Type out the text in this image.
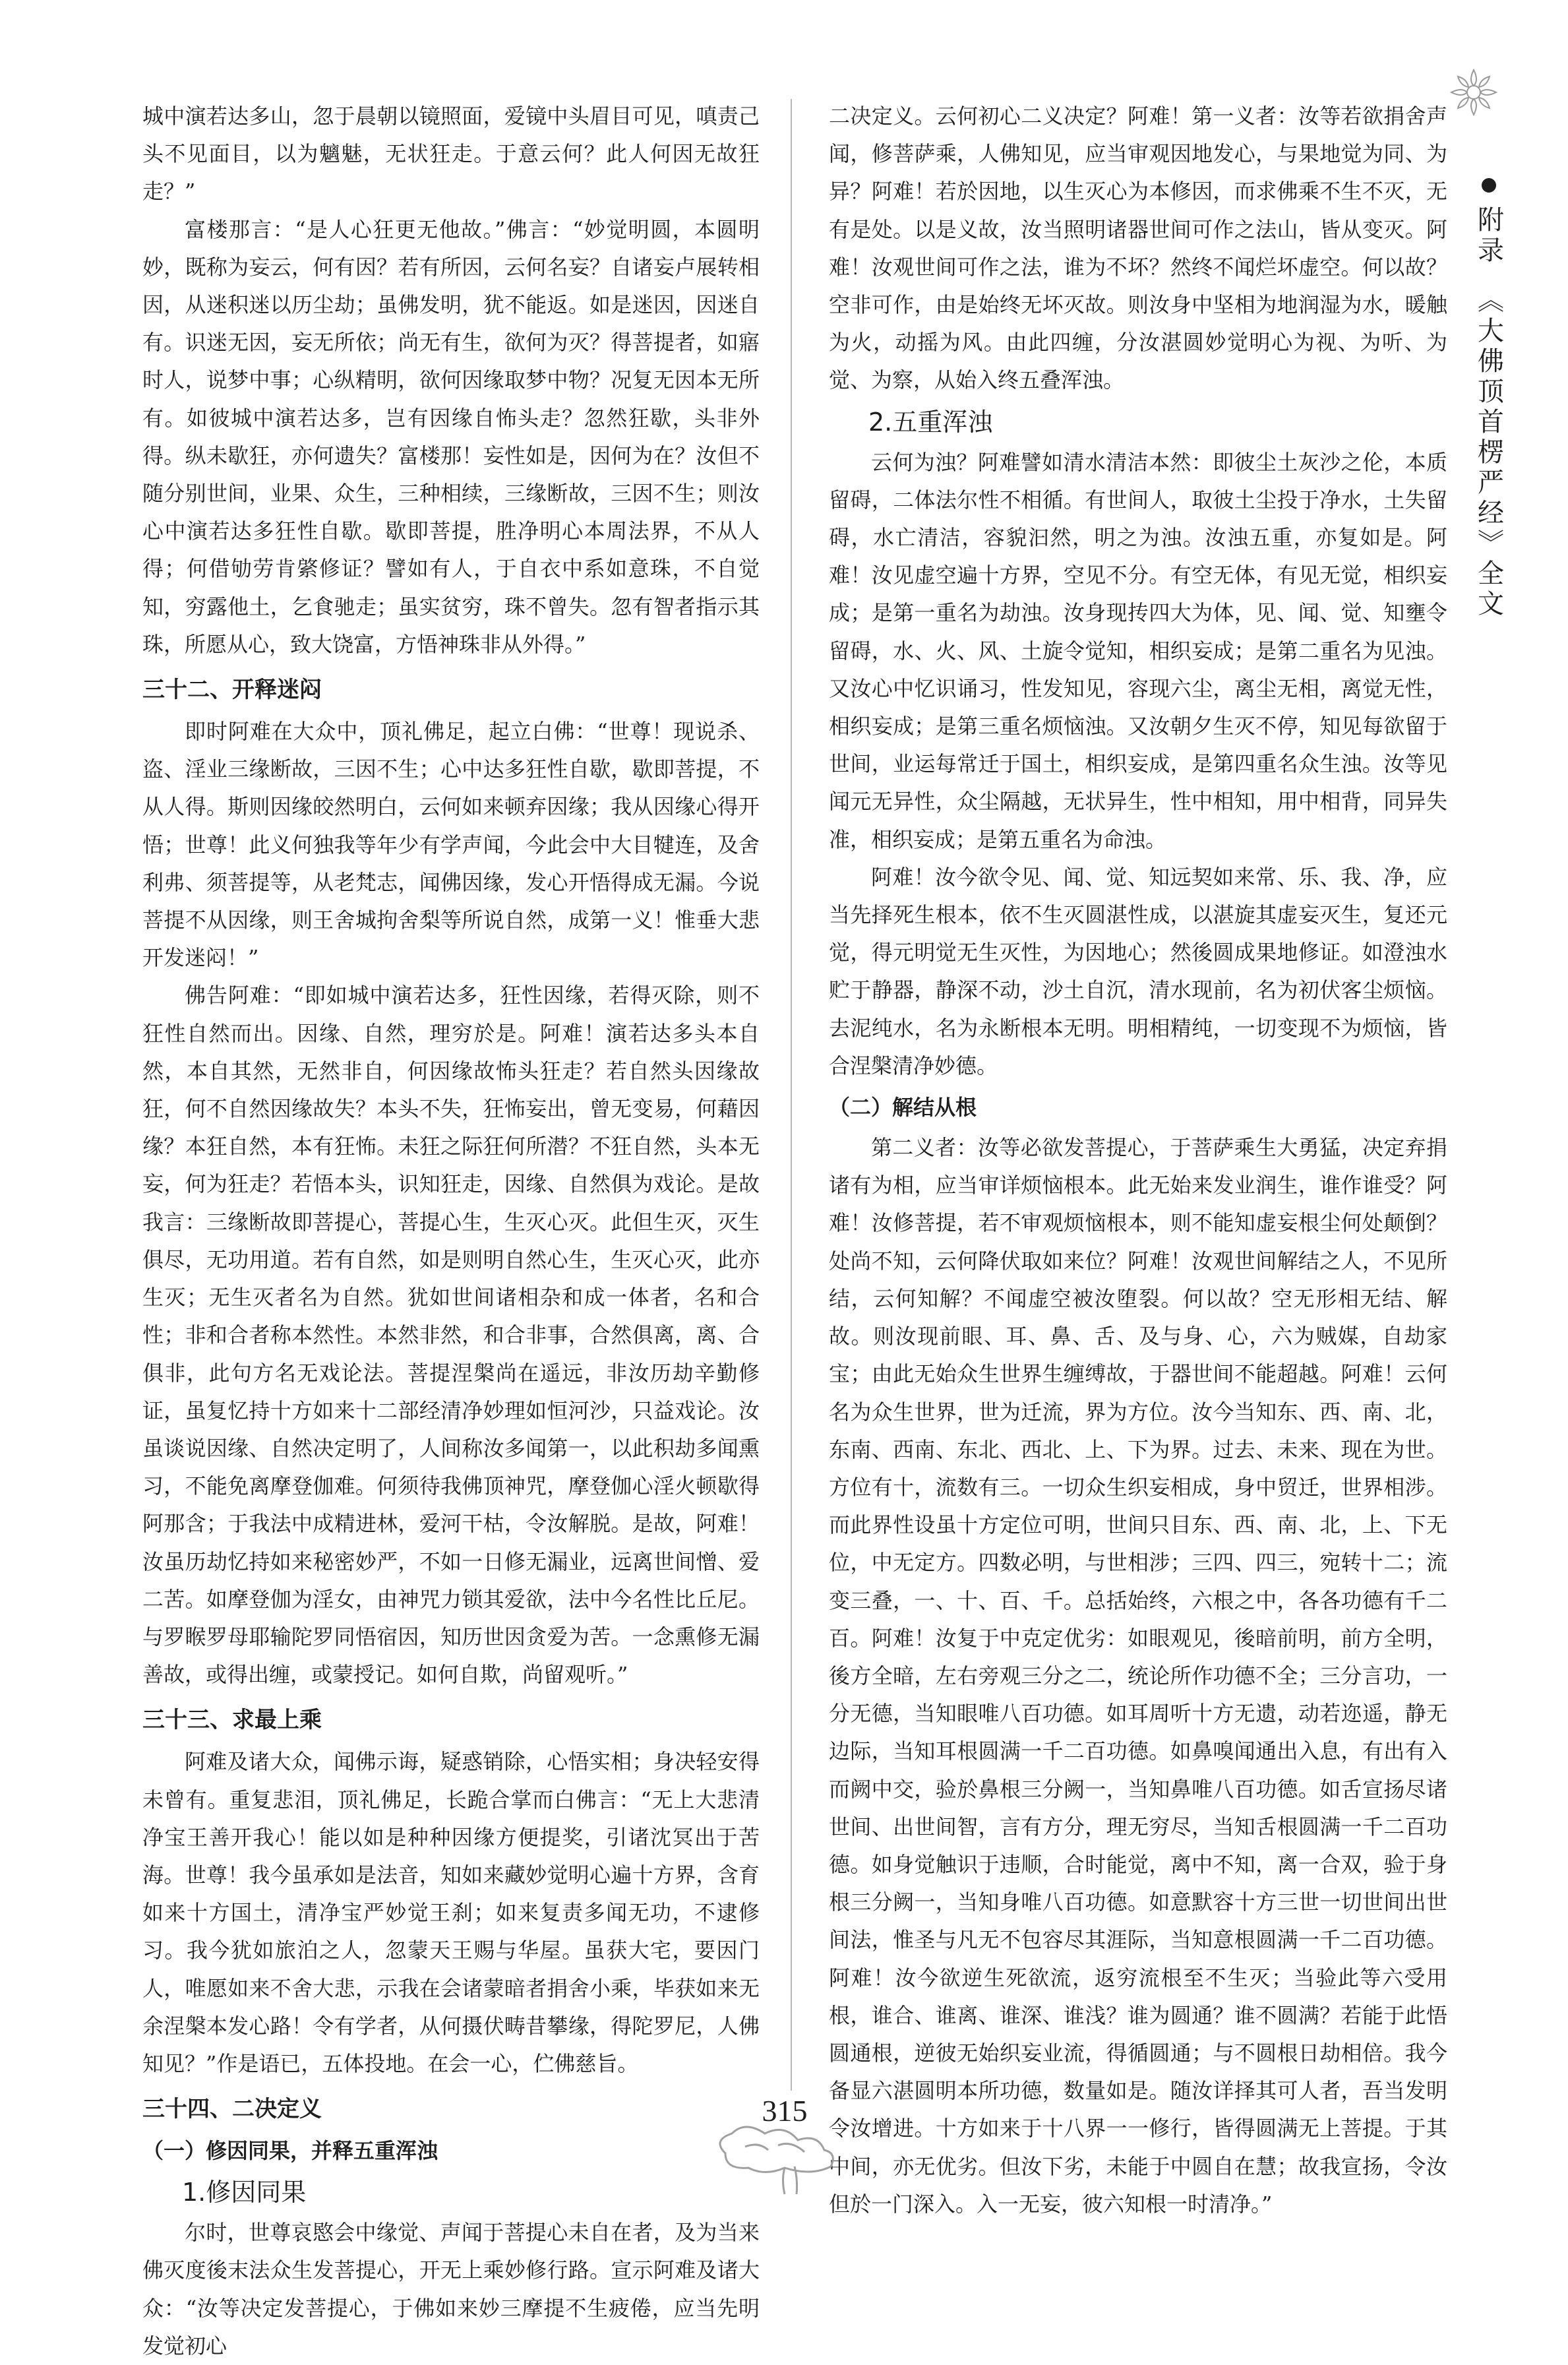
附录《大佛顶首楞严经》全文

城中演若达多山，忽于晨朝以镜照面，爱镜中头眉目可见，嗔责己头不见面目，以为魑魅，无状狂走。于意云何？此人何因无故狂走？”

富楼那言：“是人心狂更无他故。”佛言：“妙觉明圆，本圆明妙，既称为妄云，何有因？若有所因，云何名妄？自诸妄卢展转相因，从迷积迷以历尘劫；虽佛发明，犹不能返。如是迷因，因迷自有。识迷无因，妄无所依；尚无有生，欲何为灭？得菩提者，如寤时人，说梦中事；心纵精明，欲何因缘取梦中物？况复无因本无所有。如彼城中演若达多，岂有因缘自怖头走？忽然狂歇，头非外得。纵未歇狂，亦何遗失？富楼那！妄性如是，因何为在？汝但不随分别世间，业果、众生，三种相续，三缘断故，三因不生；则汝心中演若达多狂性自歇。歇即菩提，胜净明心本周法界，不从人得；何借劬劳肯綮修证？譬如有人，于自衣中系如意珠，不自觉知，穷露他土，乞食驰走；虽实贫穷，珠不曾失。忽有智者指示其珠，所愿从心，致大饶富，方悟神珠非从外得。”

三十二、开释迷闷

即时阿难在大众中，顶礼佛足，起立白佛：“世尊！现说杀、盗、淫业三缘断故，三因不生；心中达多狂性自歇，歇即菩提，不从人得。斯则因缘皎然明白，云何如来顿弃因缘；我从因缘心得开悟；世尊！此义何独我等年少有学声闻，今此会中大目犍连，及舍利弗、须菩提等，从老梵志，闻佛因缘，发心开悟得成无漏。今说菩提不从因缘，则王舍城拘舍梨等所说自然，成第一义！惟垂大悲开发迷闷！”

佛告阿难：“即如城中演若达多，狂性因缘，若得灭除，则不狂性自然而出。因缘、自然，理穷於是。阿难！演若达多头本自然，本自其然，无然非自，何因缘故怖头狂走？若自然头因缘故狂，何不自然因缘故失？本头不失，狂怖妄出，曾无变易，何藉因缘？本狂自然，本有狂怖。未狂之际狂何所潜？不狂自然，头本无妄，何为狂走？若悟本头，识知狂走，因缘、自然俱为戏论。是故我言：三缘断故即菩提心，菩提心生，生灭心灭。此但生灭，灭生俱尽，无功用道。若有自然，如是则明自然心生，生灭心灭，此亦生灭；无生灭者名为自然。犹如世间诸相杂和成一体者，名和合性；非和合者称本然性。本然非然，和合非事，合然俱离，离、合俱非，此句方名无戏论法。菩提涅槃尚在遥远，非汝历劫辛勤修证，虽复忆持十方如来十二部经清净妙理如恒河沙，只益戏论。汝虽谈说因缘、自然决定明了，人间称汝多闻第一，以此积劫多闻熏习，不能免离摩登伽难。何须待我佛顶神咒，摩登伽心淫火顿歇得阿那含；于我法中成精进林，爱河干枯，令汝解脱。是故，阿难！汝虽历劫忆持如来秘密妙严，不如一日修无漏业，远离世间憎、爱二苦。如摩登伽为淫女，由神咒力锁其爱欲，法中今名性比丘尼。与罗睺罗母耶输陀罗同悟宿因，知历世因贪爱为苦。一念熏修无漏善故，或得出缠，或蒙授记。如何自欺，尚留观听。”

三十三、求最上乘

阿难及诸大众，闻佛示诲，疑惑销除，心悟实相；身决轻安得未曾有。重复悲泪，顶礼佛足，长跪合掌而白佛言：“无上大悲清净宝王善开我心！能以如是种种因缘方便提奖，引诸沈冥出于苦海。世尊！我今虽承如是法音，知如来藏妙觉明心遍十方界，含育如来十方国土，清净宝严妙觉王刹；如来复责多闻无功，不逮修习。我今犹如旅泊之人，忽蒙天王赐与华屋。虽获大宅，要因门人，唯愿如来不舍大悲，示我在会诸蒙暗者捐舍小乘，毕获如来无余涅槃本发心路！令有学者，从何摄伏畴昔攀缘，得陀罗尼，人佛知见？”作是语已，五体投地。在会一心，伫佛慈旨。

三十四、二决定义
（一）修因同果，并释五重浑浊
1.修因同果

尔时，世尊哀愍会中缘觉、声闻于菩提心未自在者，及为当来佛灭度後末法众生发菩提心，开无上乘妙修行路。宣示阿难及诸大众：“汝等决定发菩提心，于佛如来妙三摩提不生疲倦，应当先明发觉初心

二决定义。云何初心二义决定？阿难！第一义者：汝等若欲捐舍声闻，修菩萨乘，人佛知见，应当审观因地发心，与果地觉为同、为异？阿难！若於因地，以生灭心为本修因，而求佛乘不生不灭，无有是处。以是义故，汝当照明诸器世间可作之法山，皆从变灭。阿难！汝观世间可作之法，谁为不坏？然终不闻烂坏虚空。何以故？空非可作，由是始终无坏灭故。则汝身中坚相为地润湿为水，暖触为火，动摇为风。由此四缠，分汝湛圆妙觉明心为视、为听、为觉、为察，从始入终五叠浑浊。

2.五重浑浊

云何为浊？阿难譬如清水清洁本然：即彼尘土灰沙之伦，本质留碍，二体法尔性不相循。有世间人，取彼土尘投于净水，土失留碍，水亡清洁，容貌汩然，明之为浊。汝浊五重，亦复如是。阿难！汝见虚空遍十方界，空见不分。有空无体，有见无觉，相织妄成；是第一重名为劫浊。汝身现抟四大为体，见、闻、觉、知壅令留碍，水、火、风、土旋令觉知，相织妄成；是第二重名为见浊。又汝心中忆识诵习，性发知见，容现六尘，离尘无相，离觉无性，相织妄成；是第三重名烦恼浊。又汝朝夕生灭不停，知见每欲留于世间，业运每常迁于国土，相织妄成，是第四重名众生浊。汝等见闻元无异性，众尘隔越，无状异生，性中相知，用中相背，同异失准，相织妄成；是第五重名为命浊。

阿难！汝今欲令见、闻、觉、知远契如来常、乐、我、净，应当先择死生根本，依不生灭圆湛性成，以湛旋其虚妄灭生，复还元觉，得元明觉无生灭性，为因地心；然後圆成果地修证。如澄浊水贮于静器，静深不动，沙土自沉，清水现前，名为初伏客尘烦恼。去泥纯水，名为永断根本无明。明相精纯，一切变现不为烦恼，皆合涅槃清净妙德。

（二）解结从根

第二义者：汝等必欲发菩提心，于菩萨乘生大勇猛，决定弃捐诸有为相，应当审详烦恼根本。此无始来发业润生，谁作谁受？阿难！汝修菩提，若不审观烦恼根本，则不能知虚妄根尘何处颠倒？处尚不知，云何降伏取如来位？阿难！汝观世间解结之人，不见所结，云何知解？不闻虚空被汝堕裂。何以故？空无形相无结、解故。则汝现前眼、耳、鼻、舌、及与身、心，六为贼媒，自劫家宝；由此无始众生世界生缠缚故，于器世间不能超越。阿难！云何名为众生世界，世为迁流，界为方位。汝今当知东、西、南、北，东南、西南、东北、西北、上、下为界。过去、未来、现在为世。方位有十，流数有三。一切众生织妄相成，身中贸迁，世界相涉。而此界性设虽十方定位可明，世间只目东、西、南、北，上、下无位，中无定方。四数必明，与世相涉；三四、四三，宛转十二；流变三叠，一、十、百、千。总括始终，六根之中，各各功德有千二百。阿难！汝复于中克定优劣：如眼观见，後暗前明，前方全明，後方全暗，左右旁观三分之二，统论所作功德不全；三分言功，一分无德，当知眼唯八百功德。如耳周听十方无遗，动若迩遥，静无边际，当知耳根圆满一千二百功德。如鼻嗅闻通出入息，有出有入而阙中交，验於鼻根三分阙一，当知鼻唯八百功德。如舌宣扬尽诸世间、出世间智，言有方分，理无穷尽，当知舌根圆满一千二百功德。如身觉触识于违顺，合时能觉，离中不知，离一合双，验于身根三分阙一，当知身唯八百功德。如意默容十方三世一切世间出世间法，惟圣与凡无不包容尽其涯际，当知意根圆满一千二百功德。阿难！汝今欲逆生死欲流，返穷流根至不生灭；当验此等六受用根，谁合、谁离、谁深、谁浅？谁为圆通？谁不圆满？若能于此悟圆通根，逆彼无始织妄业流，得循圆通；与不圆根日劫相倍。我今备显六湛圆明本所功德，数量如是。随汝详择其可人者，吾当发明令汝增进。十方如来于十八界一一修行，皆得圆满无上菩提。于其中间，亦无优劣。但汝下劣，未能于中圆自在慧；故我宣扬，令汝但於一门深入。入一无妄，彼六知根一时清净。”

315
